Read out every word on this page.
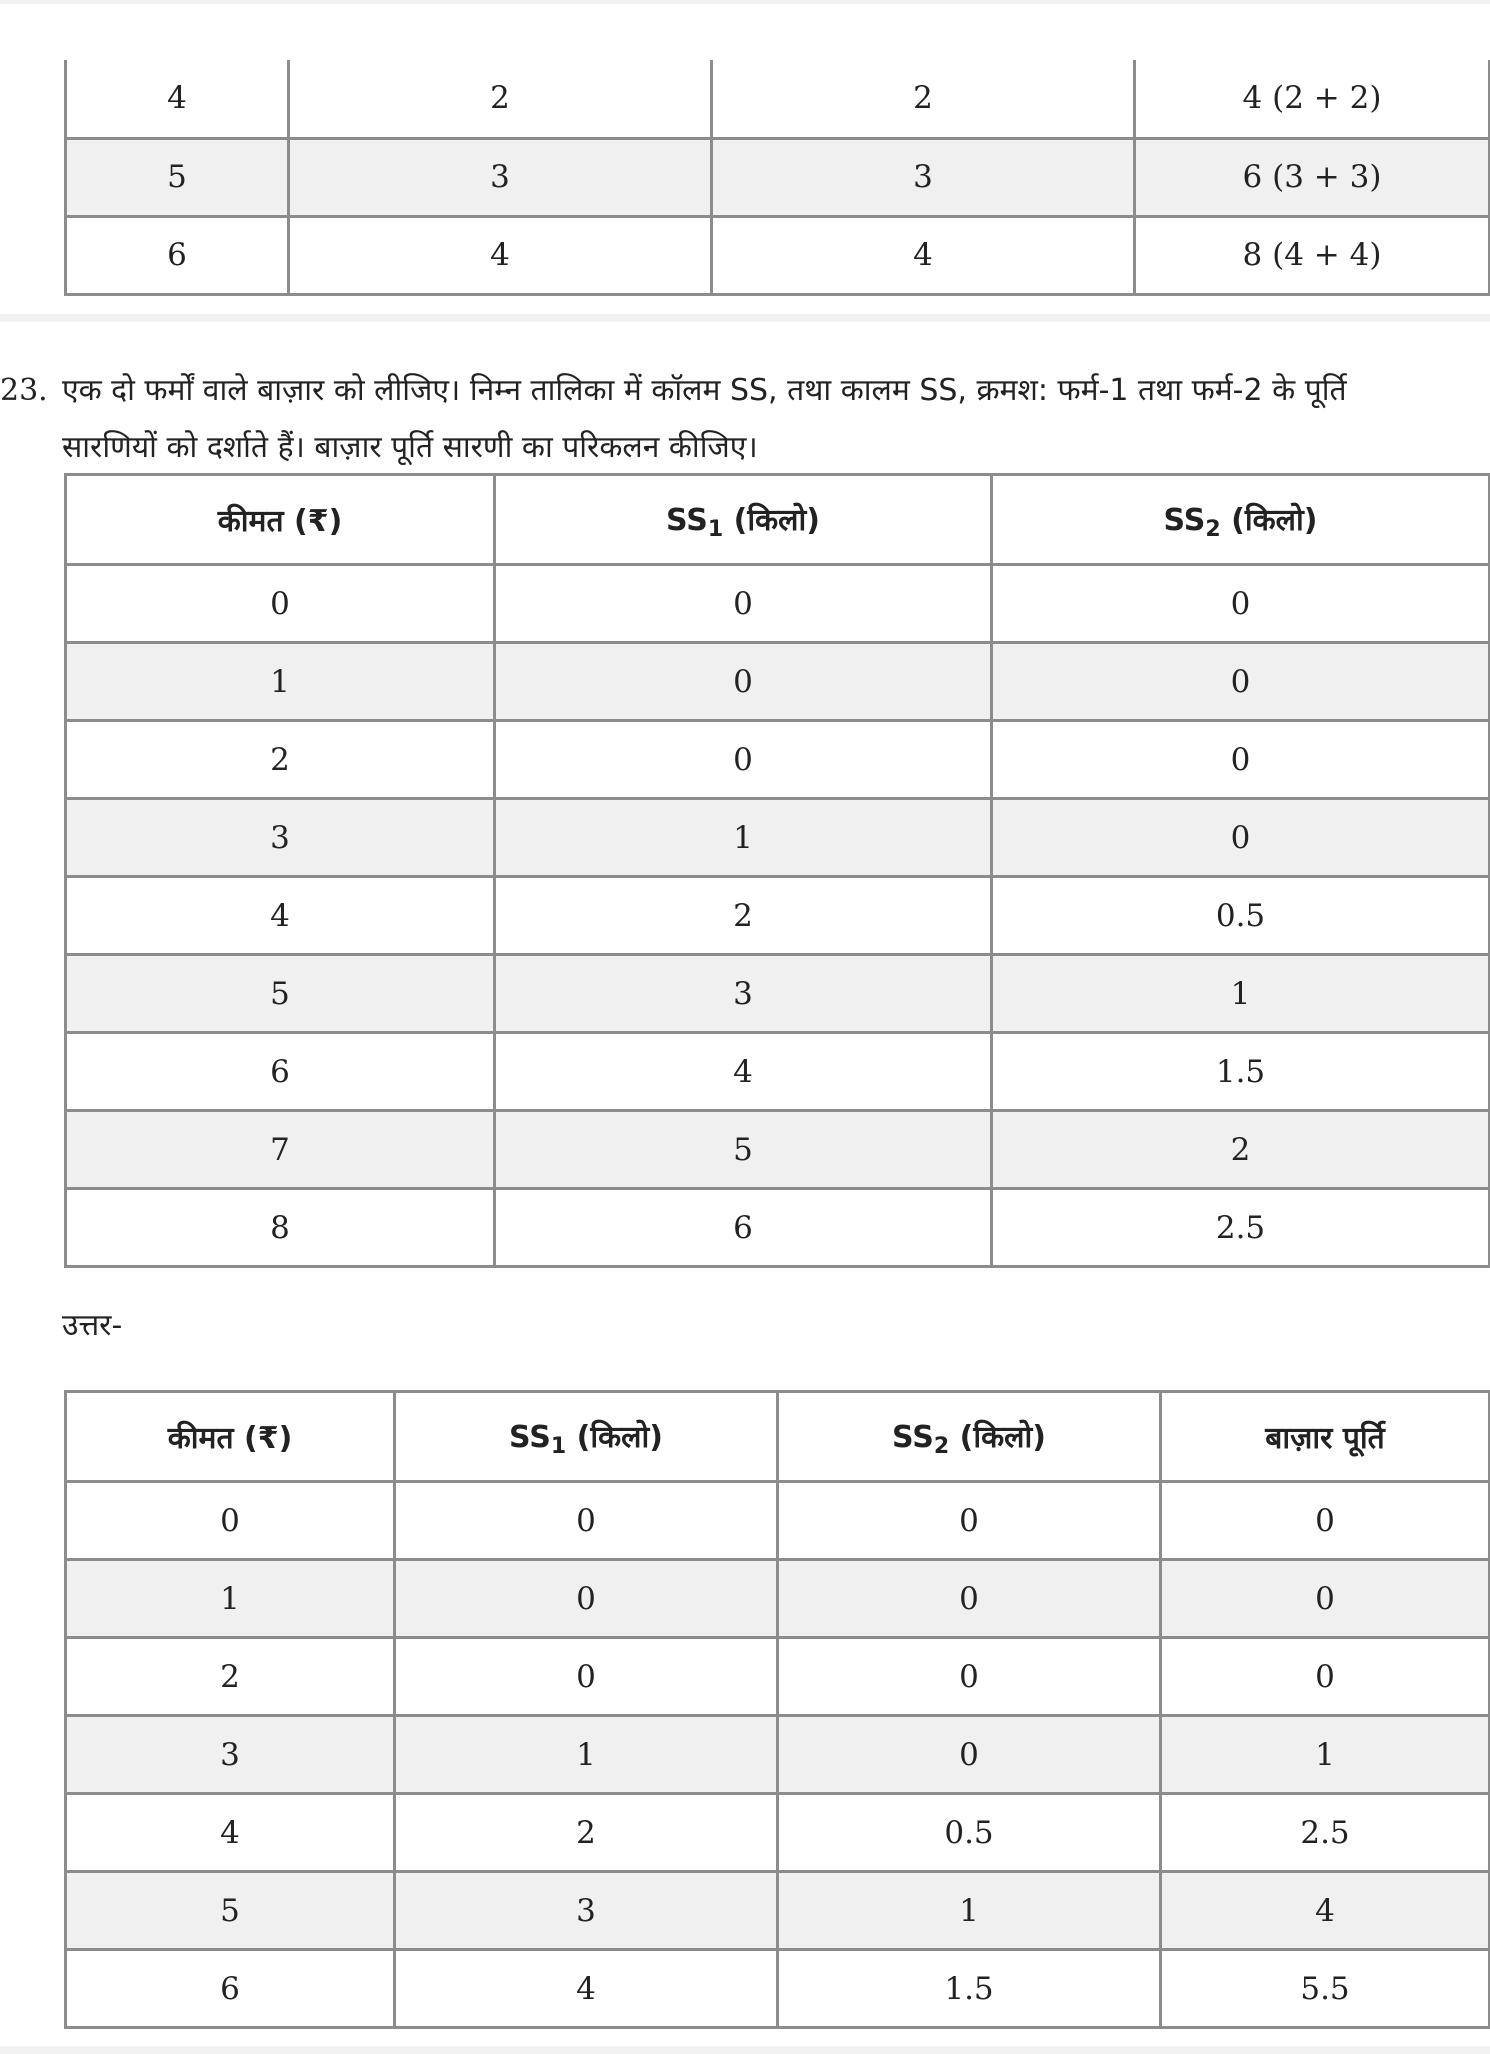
4	2	2	4 (2 + 2)
5	3	3	6 (3 + 3)
6	4	4	8 (4 + 4)
23. एक दो फर्मों वाले बाज़ार को लीजिए। निम्न तालिका में कॉलम SS, तथा कालम SS, क्रमश: फर्म-1 तथा फर्म-2 के पूर्ति सारणियों को दर्शाते हैं। बाज़ार पूर्ति सारणी का परिकलन कीजिए।
कीमत (₹)	$SS_1$ (किलो)	$SS_2$ (किलो)
0	0	0
1	0	0
2	0	0
3	1	0
4	2	0.5
5	3	1
6	4	1.5
7	5	2
8	6	2.5
उत्तर-
कीमत (₹)	$SS_1$ (किलो)	$SS_2$ (किलो)	बाज़ार पूर्ति
0	0	0	0
1	0	0	0
2	0	0	0
3	1	0	1
4	2	0.5	2.5
5	3	1	4
6	4	1.5	5.5
